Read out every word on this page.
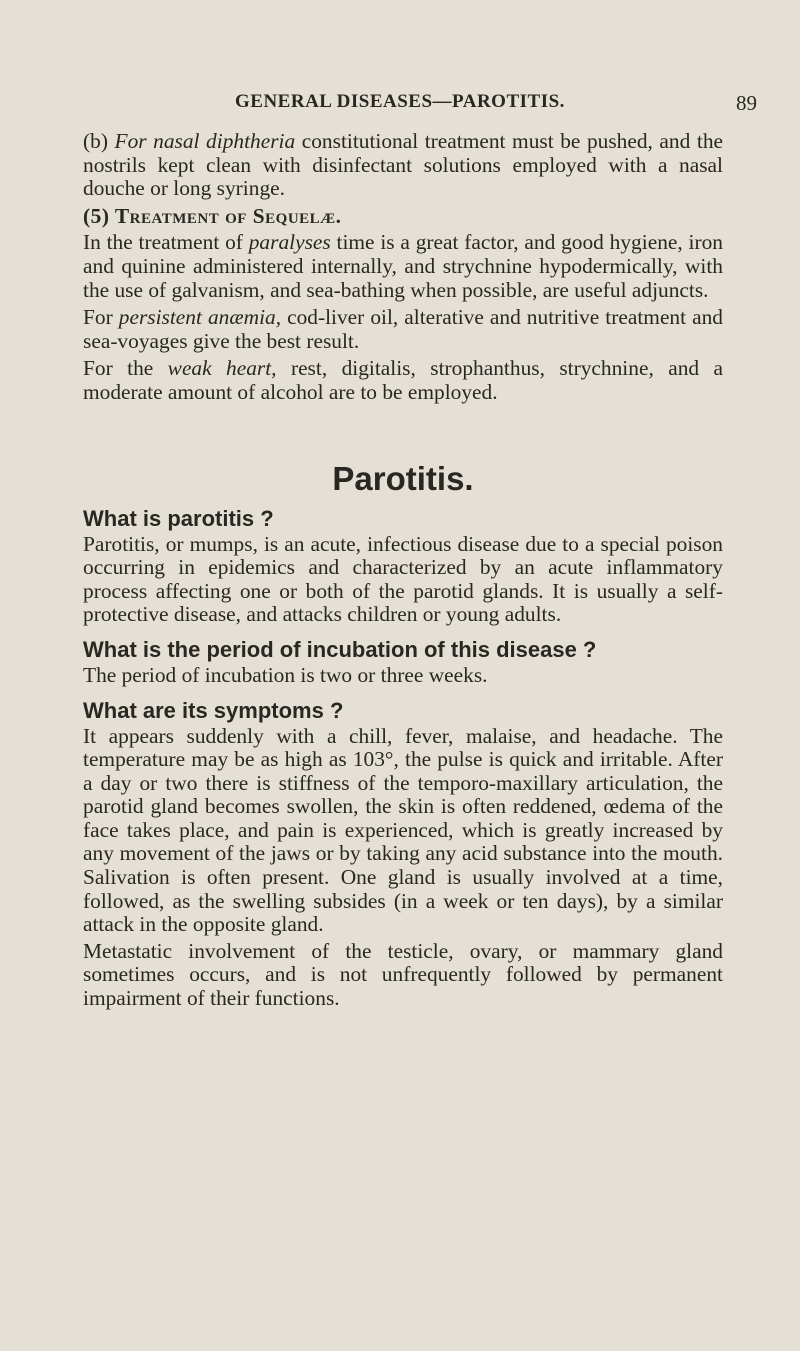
GENERAL DISEASES—PAROTITIS.	89

(b) For nasal diphtheria constitutional treatment must be pushed, and the nostrils kept clean with disinfectant solutions employed with a nasal douche or long syringe.

(5) Treatment of Sequelæ.

In the treatment of paralyses time is a great factor, and good hygiene, iron and quinine administered internally, and strychnine hypodermically, with the use of galvanism, and sea-bathing when possible, are useful adjuncts.

For persistent anæmia, cod-liver oil, alterative and nutritive treatment and sea-voyages give the best result.

For the weak heart, rest, digitalis, strophanthus, strychnine, and a moderate amount of alcohol are to be employed.

Parotitis.
What is parotitis ?

Parotitis, or mumps, is an acute, infectious disease due to a special poison occurring in epidemics and characterized by an acute inflammatory process affecting one or both of the parotid glands. It is usually a self-protective disease, and attacks children or young adults.

What is the period of incubation of this disease ?

The period of incubation is two or three weeks.

What are its symptoms ?

It appears suddenly with a chill, fever, malaise, and headache. The temperature may be as high as 103°, the pulse is quick and irritable. After a day or two there is stiffness of the temporo-maxillary articulation, the parotid gland becomes swollen, the skin is often reddened, œdema of the face takes place, and pain is experienced, which is greatly increased by any movement of the jaws or by taking any acid substance into the mouth. Salivation is often present. One gland is usually involved at a time, followed, as the swelling subsides (in a week or ten days), by a similar attack in the opposite gland.

Metastatic involvement of the testicle, ovary, or mammary gland sometimes occurs, and is not unfrequently followed by permanent impairment of their functions.
